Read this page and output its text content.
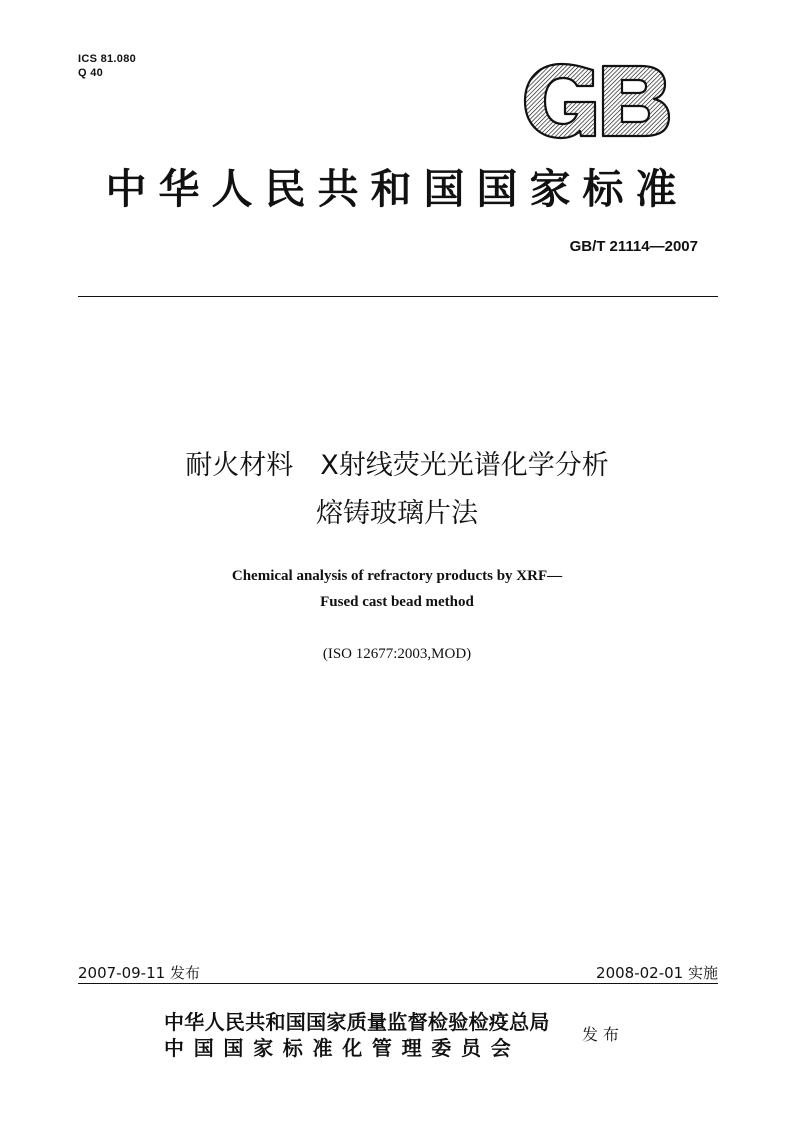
ICS 81.080
Q 40
中华人民共和国国家标准
GB/T 21114—2007
耐火材料　X射线荧光光谱化学分析
熔铸玻璃片法
Chemical analysis of refractory products by XRF—
Fused cast bead method
(ISO 12677:2003,MOD)
2007-09-11 发布	2008-02-01 实施
中华人民共和国国家质量监督检验检疫总局
中国国家标准化管理委员会
发布
